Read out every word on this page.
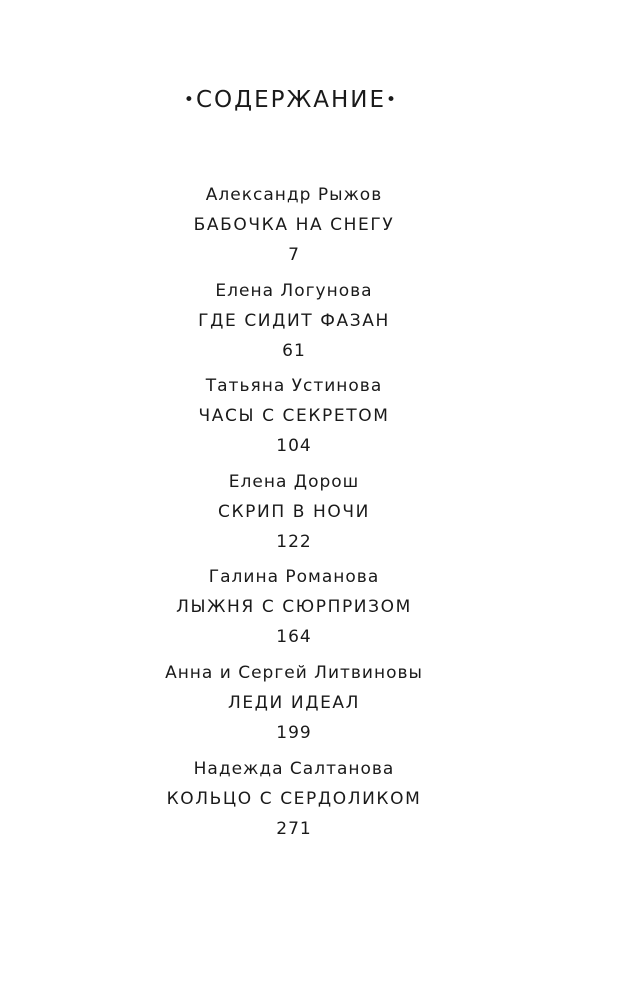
•СОДЕРЖАНИЕ•
Александр Рыжов
БАБОЧКА НА СНЕГУ
7
Елена Логунова
ГДЕ СИДИТ ФАЗАН
61
Татьяна Устинова
ЧАСЫ С СЕКРЕТОМ
104
Елена Дорош
СКРИП В НОЧИ
122
Галина Романова
ЛЫЖНЯ С СЮРПРИЗОМ
164
Анна и Сергей Литвиновы
ЛЕДИ ИДЕАЛ
199
Надежда Салтанова
КОЛЬЦО С СЕРДОЛИКОМ
271
